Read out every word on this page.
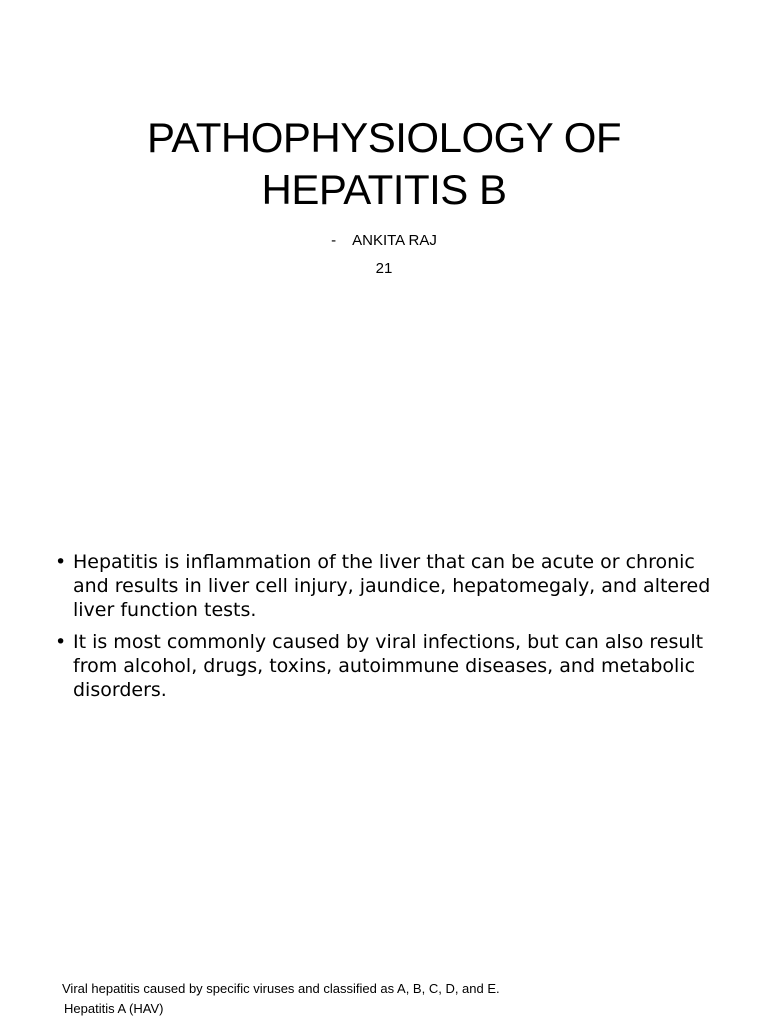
PATHOPHYSIOLOGY OF
HEPATITIS B
- ANKITA RAJ
21
• Hepatitis is inflammation of the liver that can be acute or chronic and results in liver cell injury, jaundice, hepatomegaly, and altered liver function tests.
• It is most commonly caused by viral infections, but can also result from alcohol, drugs, toxins, autoimmune diseases, and metabolic disorders.
Viral hepatitis caused by specific viruses and classified as A, B, C, D, and E.
Hepatitis A (HAV)
